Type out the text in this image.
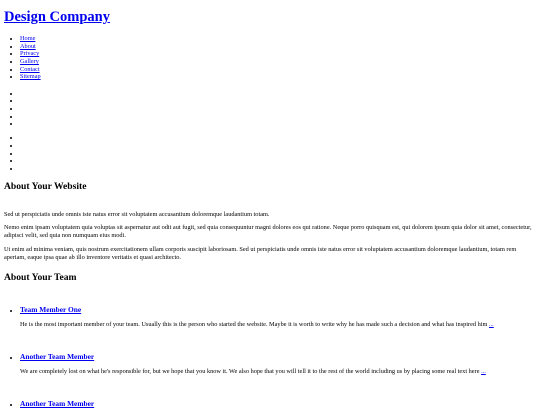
Design Company
• Home
• About
• Privacy
• Gallery
• Contact
• Sitemap
•
•
•
•
•
•
•
•
•
•
About Your Website

Sed ut perspiciatis unde omnis iste natus error sit voluptatem accusantium doloremque laudantium totam.

Nemo enim ipsam voluptatem quia voluptas sit aspernatur aut odit aut fugit, sed quia consequuntur magni dolores eos qui ratione. Neque porro quisquam est, qui dolorem ipsum quia dolor sit amet, consectetur, adipisci velit, sed quia non numquam eius modi.

Ut enim ad minima veniam, quis nostrum exercitationem ullam corporis suscipit laboriosam. Sed ut perspiciatis unde omnis iste natus error sit voluptatem accusantium doloremque laudantium, totam rem aperiam, eaque ipsa quae ab illo inventore veritatis et quasi architecto.

About Your Team
• Team Member One

He is the most important member of your team. Usually this is the person who started the website. Maybe it is worth to write why he has made such a decision and what has inspired him ...

• Another Team Member

We are completely lost on what he's responsible for, but we hope that you know it. We also hope that you will tell it to the rest of the world including us by placing some real text here ...

• Another Team Member
